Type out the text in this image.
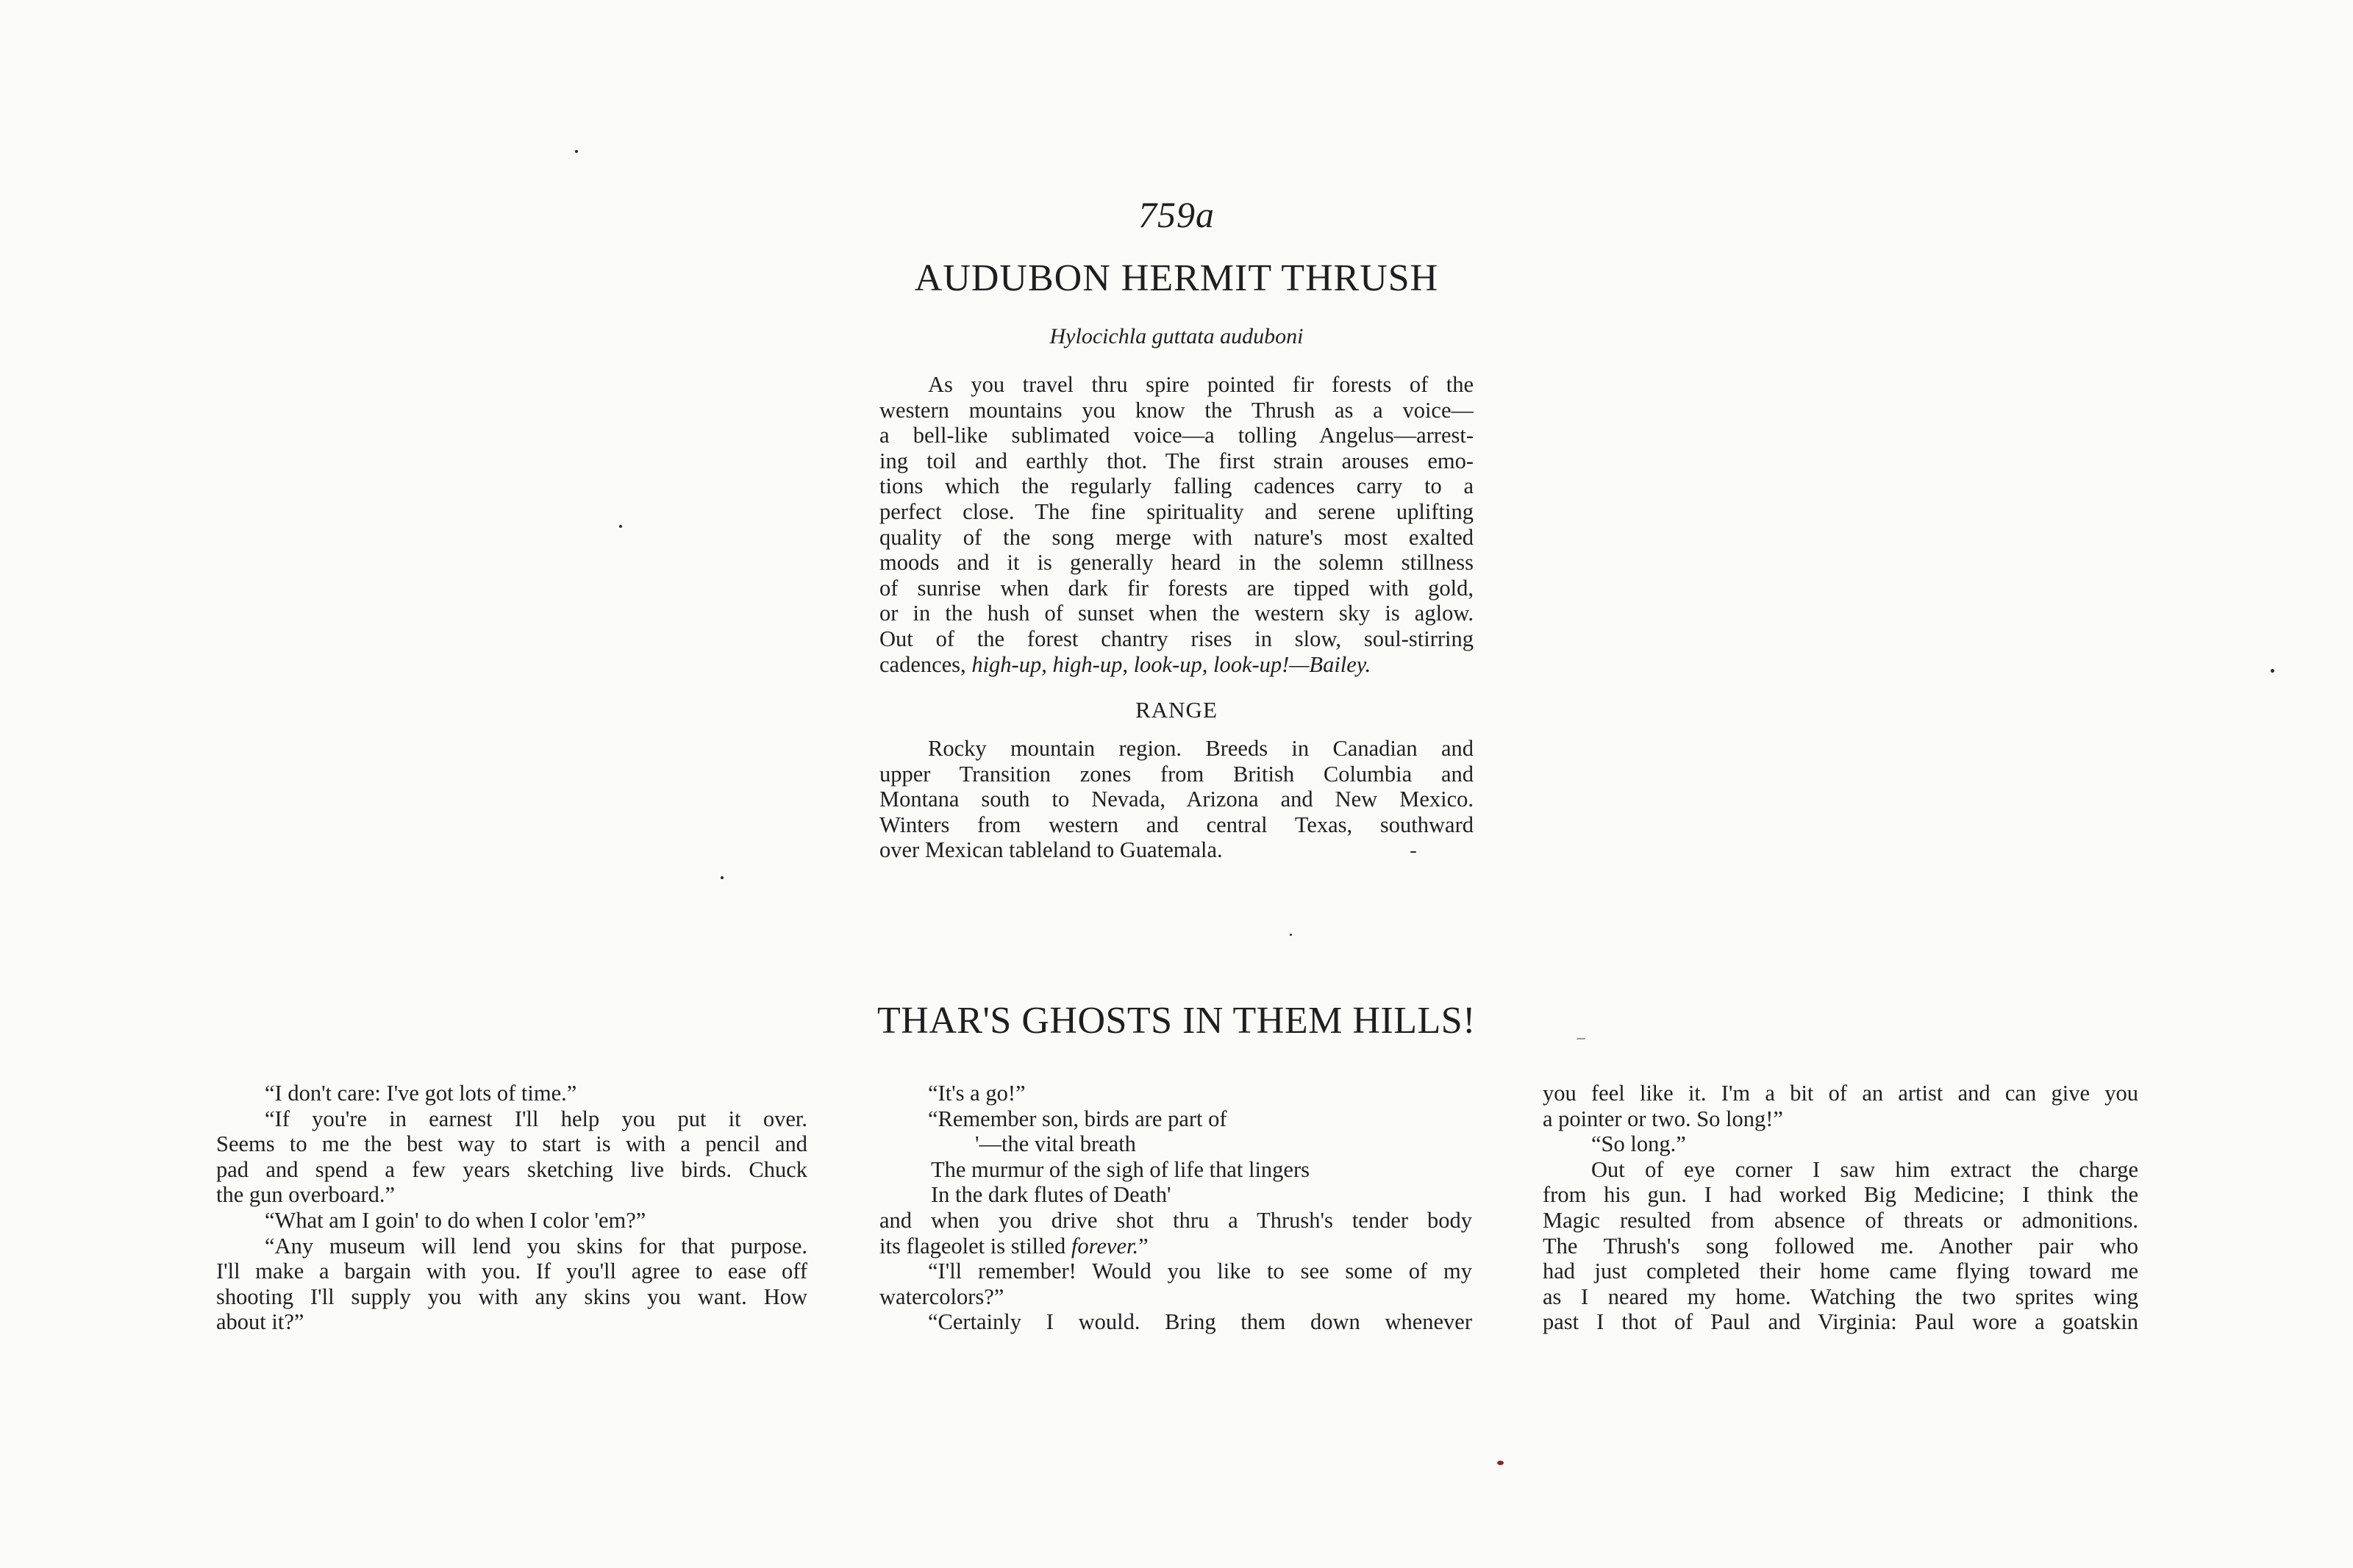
759a
AUDUBON HERMIT THRUSH
Hylocichla guttata auduboni
As you travel thru spire pointed fir forests of the
western mountains you know the Thrush as a voice—
a bell-like sublimated voice—a tolling Angelus—arrest-
ing toil and earthly thot. The first strain arouses emo-
tions which the regularly falling cadences carry to a
perfect close. The fine spirituality and serene uplifting
quality of the song merge with nature's most exalted
moods and it is generally heard in the solemn stillness
of sunrise when dark fir forests are tipped with gold,
or in the hush of sunset when the western sky is aglow.
Out of the forest chantry rises in slow, soul-stirring
cadences, high-up, high-up, look-up, look-up!—Bailey.
RANGE
Rocky mountain region. Breeds in Canadian and
upper Transition zones from British Columbia and
Montana south to Nevada, Arizona and New Mexico.
Winters from western and central Texas, southward
over Mexican tableland to Guatemala.
THAR'S GHOSTS IN THEM HILLS!
“I don't care: I've got lots of time.”
“If you're in earnest I'll help you put it over.
Seems to me the best way to start is with a pencil and
pad and spend a few years sketching live birds. Chuck
the gun overboard.”
“What am I goin' to do when I color 'em?”
“Any museum will lend you skins for that purpose.
I'll make a bargain with you. If you'll agree to ease off
shooting I'll supply you with any skins you want. How
about it?”
“It's a go!”
“Remember son, birds are part of
'—the vital breath
The murmur of the sigh of life that lingers
In the dark flutes of Death'
and when you drive shot thru a Thrush's tender body
its flageolet is stilled forever.”
“I'll remember! Would you like to see some of my
watercolors?”
“Certainly I would. Bring them down whenever
you feel like it. I'm a bit of an artist and can give you
a pointer or two. So long!”
“So long.”
Out of eye corner I saw him extract the charge
from his gun. I had worked Big Medicine; I think the
Magic resulted from absence of threats or admonitions.
The Thrush's song followed me. Another pair who
had just completed their home came flying toward me
as I neared my home. Watching the two sprites wing
past I thot of Paul and Virginia: Paul wore a goatskin
